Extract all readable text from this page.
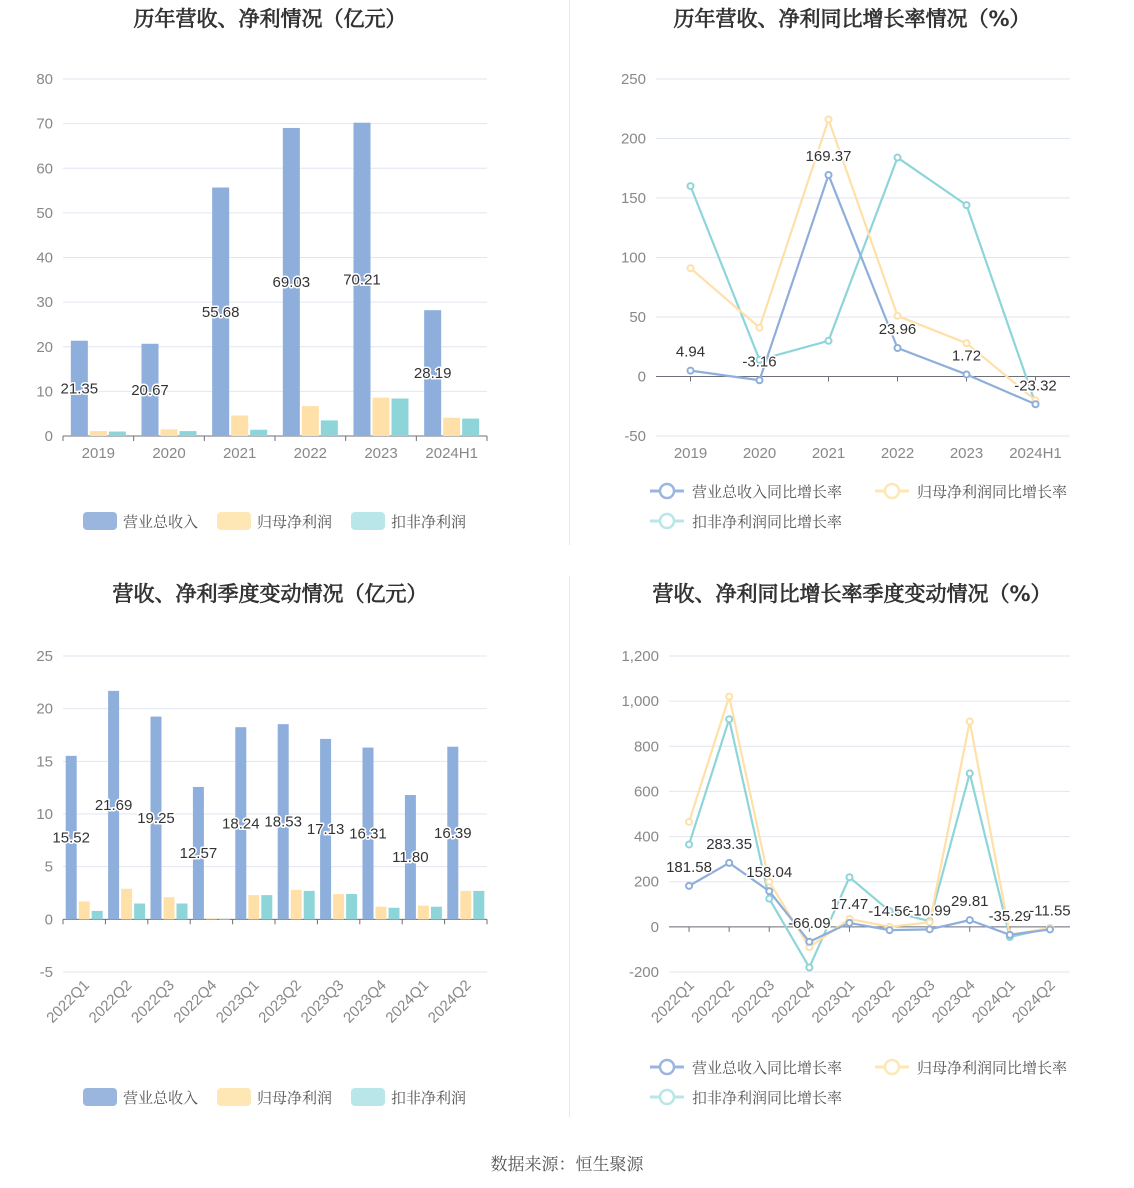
历年营收、净利情况（亿元）
0
10
20
30
40
50
60
70
80
2019 2020 2021 2022 2023 2024H1
21.35 20.67
55.68
69.03 70.21
28.19
营业总收入	归母净利润	扣非净利润
历年营收、净利同比增长率情况（%）
-50
0
50
100
150
200
250
2019 2020 2021 2022 2023 2024H1
4.94
-3.16
169.37
23.96
1.72
-23.32
营业总收入同比增长率	归母净利润同比增长率
扣非净利润同比增长率
营收、净利季度变动情况（亿元）
-5
0
5
10
15
20
25
2022Q1
2022Q2
2022Q3
2022Q4
2023Q1
2023Q2
2023Q3
2023Q4
2024Q1
2024Q2
15.52
21.69
19.25
12.57
18.24 18.53 17.13 16.31
11.80
16.39
营业总收入	归母净利润	扣非净利润
营收、净利同比增长率季度变动情况（%）
-200
0
200
400
600
800
1,000
1,200
2022Q1
2022Q2
2022Q3
2022Q4
2023Q1
2023Q2
2023Q3
2023Q4
2024Q1
2024Q2
181.58
283.35
158.04
-66.09
17.47 -14.56
-10.99
29.81
-35.29
-11.55
营业总收入同比增长率	归母净利润同比增长率
扣非净利润同比增长率
数据来源：恒生聚源
